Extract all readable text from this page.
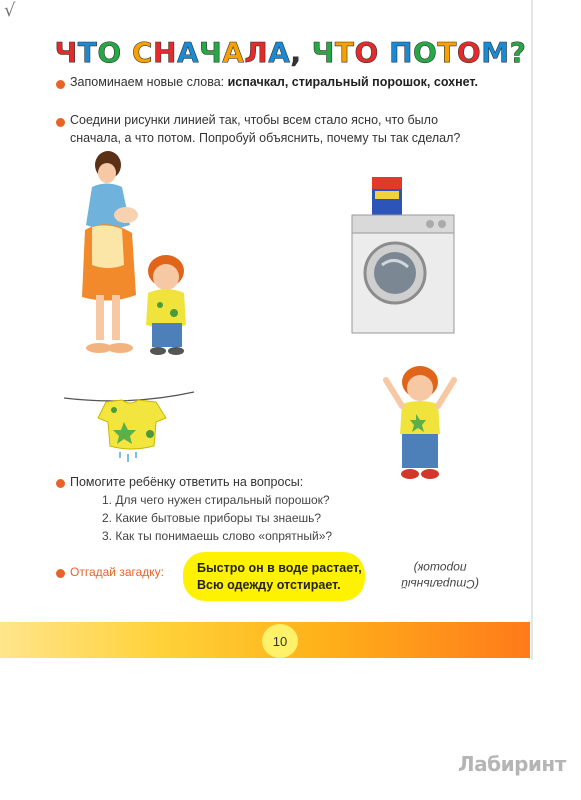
√
ЧТО СНАЧАЛА, ЧТО ПОТОМ?
Запоминаем новые слова: испачкал, стиральный порошок, сохнет.
Соедини рисунки линией так, чтобы всем стало ясно, что было сначала, а что потом. Попробуй объяснить, почему ты так сделал?
Помогите ребёнку ответить на вопросы:
1. Для чего нужен стиральный порошок?
2. Какие бытовые приборы ты знаешь?
3. Как ты понимаешь слово «опрятный»?
Отгадай загадку:	Быстро он в воде растает,
Всю одежду отстирает.	(Стиральный
порошок)
10
Лабиринт
